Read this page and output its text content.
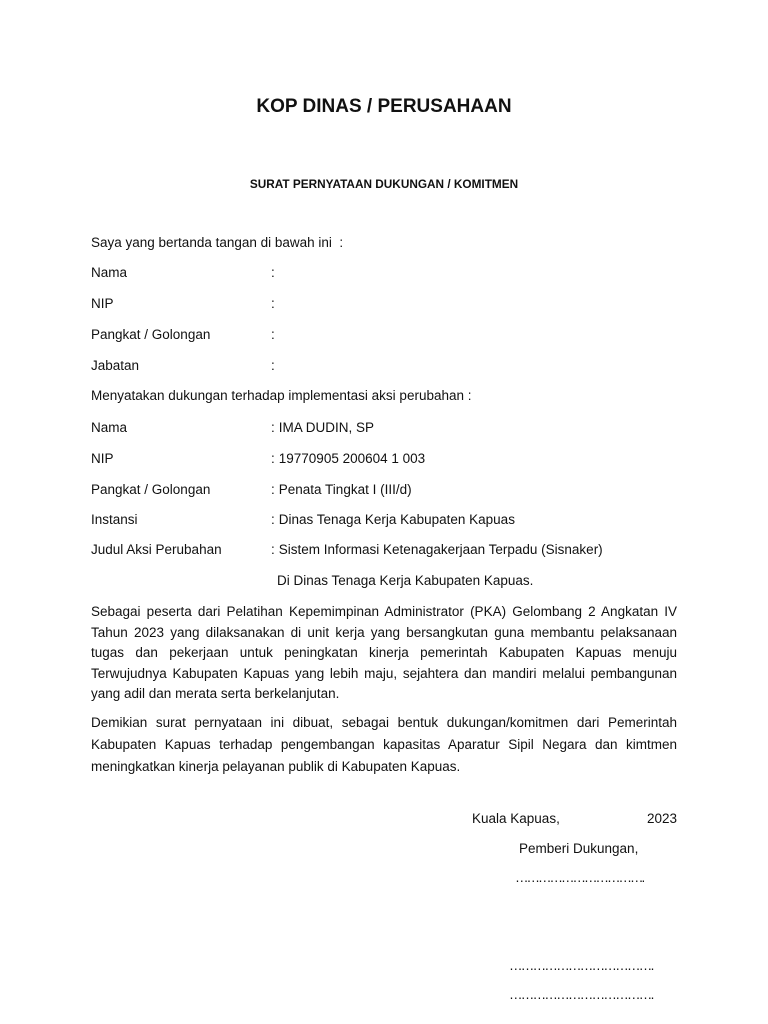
KOP DINAS / PERUSAHAAN
SURAT PERNYATAAN DUKUNGAN / KOMITMEN
Saya yang bertanda tangan di bawah ini  :
Nama	:
NIP	:
Pangkat / Golongan	:
Jabatan	:
Menyatakan dukungan terhadap implementasi aksi perubahan :
Nama	: IMA DUDIN, SP
NIP	: 19770905 200604 1 003
Pangkat / Golongan	: Penata Tingkat I (III/d)
Instansi	: Dinas Tenaga Kerja Kabupaten Kapuas
Judul Aksi Perubahan	: Sistem Informasi Ketenagakerjaan Terpadu (Sisnaker)
Di Dinas Tenaga Kerja Kabupaten Kapuas.
Sebagai peserta dari Pelatihan Kepemimpinan Administrator (PKA) Gelombang 2 Angkatan IV
Tahun 2023 yang dilaksanakan di unit kerja yang bersangkutan guna membantu pelaksanaan
tugas dan pekerjaan untuk peningkatan kinerja pemerintah Kabupaten Kapuas menuju
Terwujudnya Kabupaten Kapuas yang lebih maju, sejahtera dan mandiri melalui pembangunan
yang adil dan merata serta berkelanjutan.
Demikian surat pernyataan ini dibuat, sebagai bentuk dukungan/komitmen dari Pemerintah
Kabupaten Kapuas terhadap pengembangan kapasitas Aparatur Sipil Negara dan kimtmen
meningkatkan kinerja pelayanan publik di Kabupaten Kapuas.
Kuala Kapuas,	2023
Pemberi Dukungan,
…………………………….
……………………………….
……………………………….
